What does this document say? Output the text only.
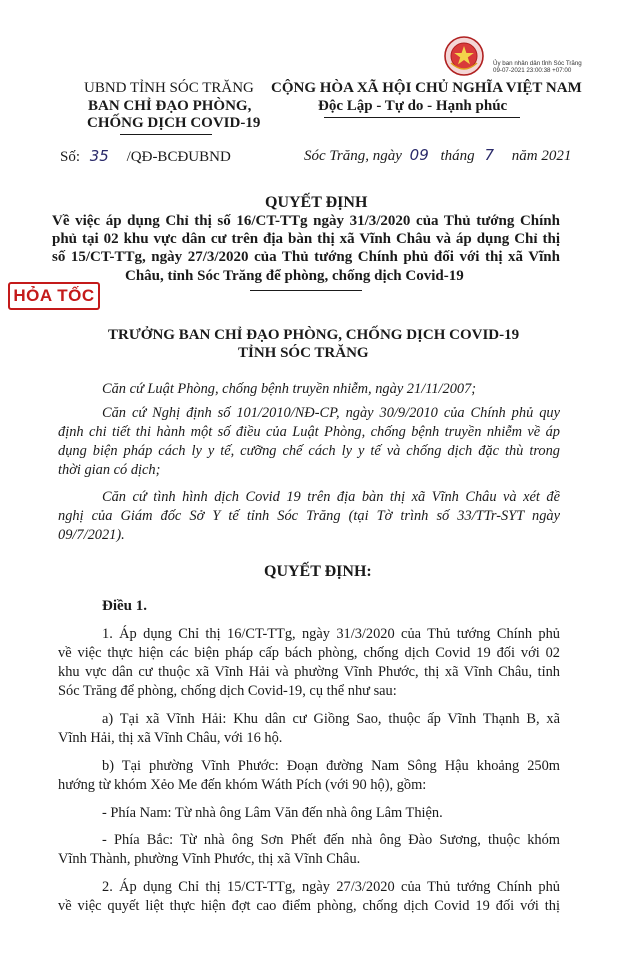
Ủy ban nhân dân tỉnh Sóc Trăng
09-07-2021 23:00:38 +07:00
UBND TỈNH SÓC TRĂNG
BAN CHỈ ĐẠO PHÒNG,
CHỐNG DỊCH COVID-19
CỘNG HÒA XÃ HỘI CHỦ NGHĨA VIỆT NAM
Độc Lập - Tự do - Hạnh phúc
Số: 35 /QĐ-BCĐUBND	Sóc Trăng, ngày 09 tháng 7 năm 2021
QUYẾT ĐỊNH
Về việc áp dụng Chỉ thị số 16/CT-TTg ngày 31/3/2020 của Thủ tướng Chính
phủ tại 02 khu vực dân cư trên địa bàn thị xã Vĩnh Châu và áp dụng Chỉ thị
số 15/CT-TTg, ngày 27/3/2020 của Thủ tướng Chính phủ đối với thị xã Vĩnh
Châu, tỉnh Sóc Trăng để phòng, chống dịch Covid-19
HỎA TỐC
TRƯỞNG BAN CHỈ ĐẠO PHÒNG, CHỐNG DỊCH COVID-19
TỈNH SÓC TRĂNG
Căn cứ Luật Phòng, chống bệnh truyền nhiễm, ngày 21/11/2007;
Căn cứ Nghị định số 101/2010/NĐ-CP, ngày 30/9/2010 của Chính phủ quy
định chi tiết thi hành một số điều của Luật Phòng, chống bệnh truyền nhiễm về áp
dụng biện pháp cách ly y tế, cưỡng chế cách ly y tế và chống dịch đặc thù trong
thời gian có dịch;
Căn cứ tình hình dịch Covid 19 trên địa bàn thị xã Vĩnh Châu và xét đề
nghị của Giám đốc Sở Y tế tỉnh Sóc Trăng (tại Tờ trình số 33/TTr-SYT ngày
09/7/2021).
QUYẾT ĐỊNH:
Điều 1.
1. Áp dụng Chỉ thị 16/CT-TTg, ngày 31/3/2020 của Thủ tướng Chính phủ
về việc thực hiện các biện pháp cấp bách phòng, chống dịch Covid 19 đối với 02
khu vực dân cư thuộc xã Vĩnh Hải và phường Vĩnh Phước, thị xã Vĩnh Châu, tỉnh
Sóc Trăng để phòng, chống dịch Covid-19, cụ thể như sau:
a) Tại xã Vĩnh Hải: Khu dân cư Giồng Sao, thuộc ấp Vĩnh Thạnh B, xã
Vĩnh Hải, thị xã Vĩnh Châu, với 16 hộ.
b) Tại phường Vĩnh Phước: Đoạn đường Nam Sông Hậu khoảng 250m
hướng từ khóm Xẻo Me đến khóm Wáth Pích (với 90 hộ), gồm:
- Phía Nam: Từ nhà ông Lâm Văn đến nhà ông Lâm Thiện.
- Phía Bắc: Từ nhà ông Sơn Phết đến nhà ông Đào Sương, thuộc khóm
Vĩnh Thành, phường Vĩnh Phước, thị xã Vĩnh Châu.
2. Áp dụng Chỉ thị 15/CT-TTg, ngày 27/3/2020 của Thủ tướng Chính phủ
về việc quyết liệt thực hiện đợt cao điểm phòng, chống dịch Covid 19 đối với thị
